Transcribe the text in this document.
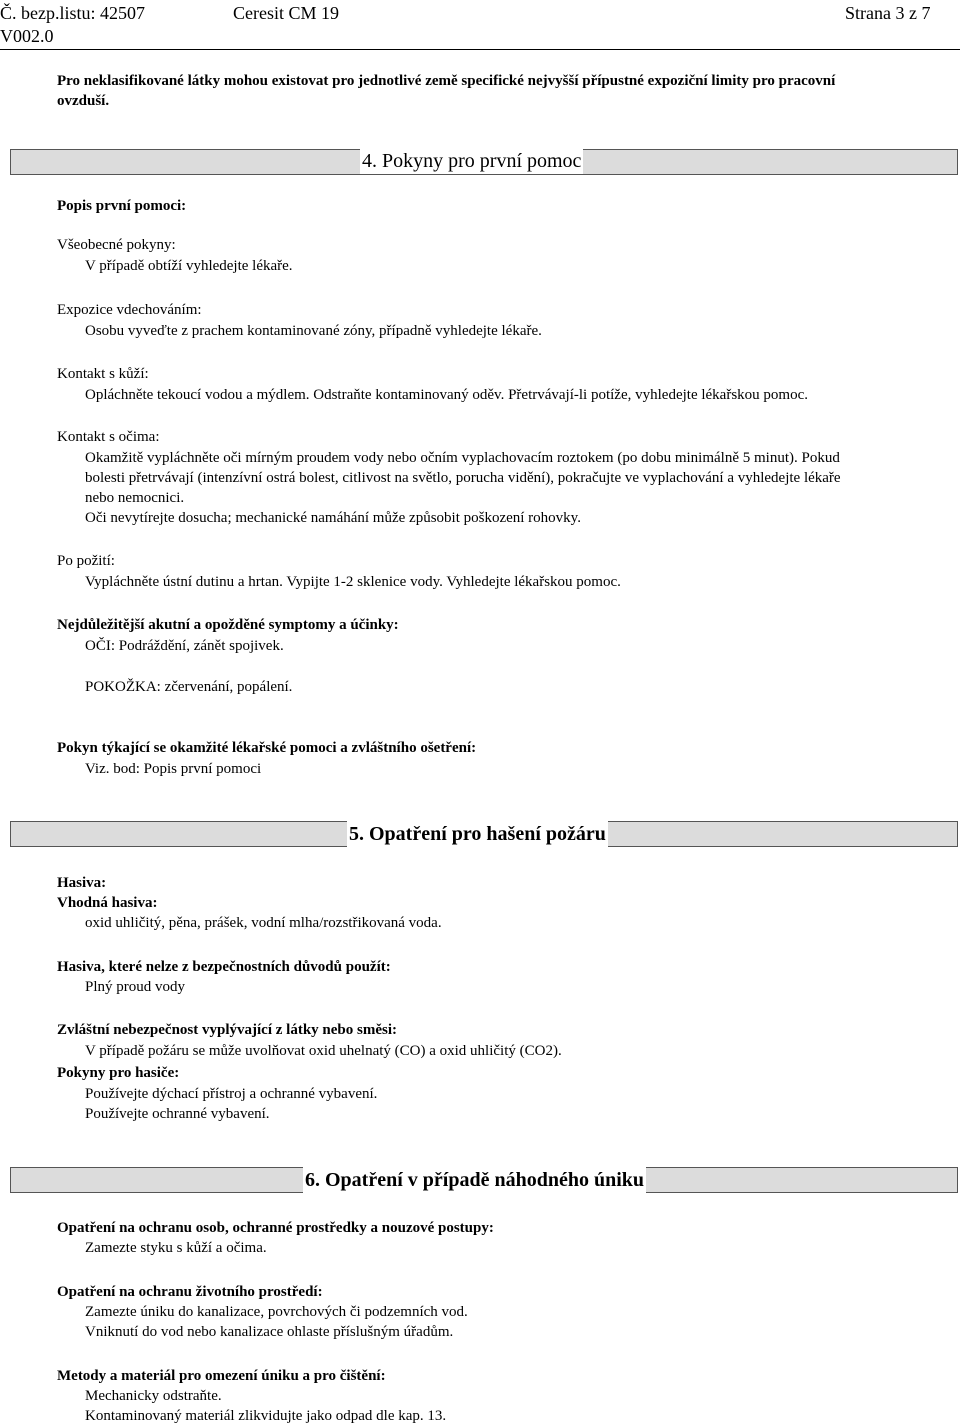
Č. bezp.listu: 42507	Ceresit CM 19	Strana 3 z 7
V002.0
Pro neklasifikované látky mohou existovat pro jednotlivé země specifické nejvyšší přípustné expoziční limity pro pracovní
ovzduší.
4. Pokyny pro první pomoc
Popis první pomoci:
Všeobecné pokyny:
V případě obtíží vyhledejte lékaře.
Expozice vdechováním:
Osobu vyveďte z prachem kontaminované zóny, případně vyhledejte lékaře.
Kontakt s kůží:
Opláchněte tekoucí vodou a mýdlem. Odstraňte kontaminovaný oděv. Přetrvávají-li potíže, vyhledejte lékařskou pomoc.
Kontakt s očima:
Okamžitě vypláchněte oči mírným proudem vody nebo očním vyplachovacím roztokem (po dobu minimálně 5 minut). Pokud
bolesti přetrvávají (intenzívní ostrá bolest, citlivost na světlo, porucha vidění), pokračujte ve vyplachování a vyhledejte lékaře
nebo nemocnici.
Oči nevytírejte dosucha; mechanické namáhání může způsobit poškození rohovky.
Po požití:
Vypláchněte ústní dutinu a hrtan. Vypijte 1-2 sklenice vody. Vyhledejte lékařskou pomoc.
Nejdůležitější akutní a opožděné symptomy a účinky:
OČI: Podráždění, zánět spojivek.
POKOŽKA: zčervenání, popálení.
Pokyn týkající se okamžité lékařské pomoci a zvláštního ošetření:
Viz. bod: Popis první pomoci
5. Opatření pro hašení požáru
Hasiva:
Vhodná hasiva:
oxid uhličitý, pěna, prášek, vodní mlha/rozstřikovaná voda.
Hasiva, které nelze z bezpečnostních důvodů použít:
Plný proud vody
Zvláštní nebezpečnost vyplývající z látky nebo směsi:
V případě požáru se může uvolňovat oxid uhelnatý (CO) a oxid uhličitý (CO2).
Pokyny pro hasiče:
Používejte dýchací přístroj a ochranné vybavení.
Používejte ochranné vybavení.
6. Opatření v případě náhodného úniku
Opatření na ochranu osob, ochranné prostředky a nouzové postupy:
Zamezte styku s kůží a očima.
Opatření na ochranu životního prostředí:
Zamezte úniku do kanalizace, povrchových či podzemních vod.
Vniknutí do vod nebo kanalizace ohlaste příslušným úřadům.
Metody a materiál pro omezení úniku a pro čištění:
Mechanicky odstraňte.
Kontaminovaný materiál zlikvidujte jako odpad dle kap. 13.
